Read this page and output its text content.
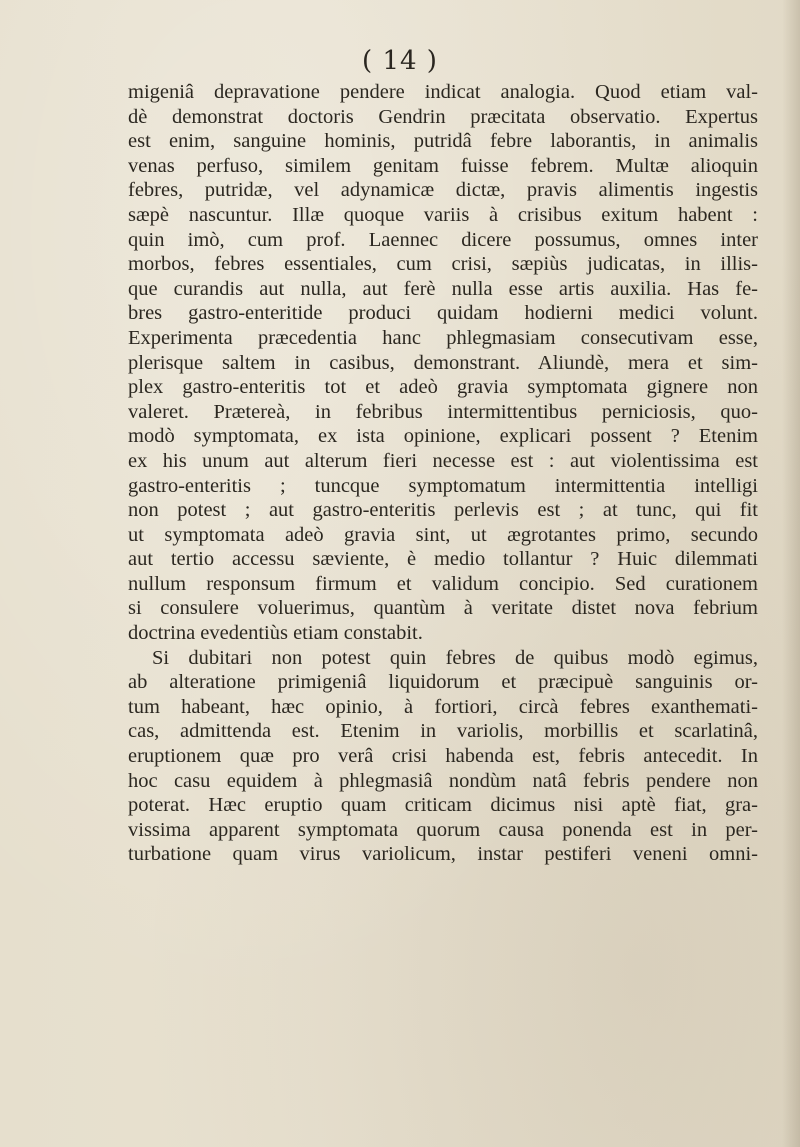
( 14 )
migeniâ depravatione pendere indicat analogia. Quod etiam val-
dè demonstrat doctoris Gendrin præcitata observatio. Expertus
est enim, sanguine hominis, putridâ febre laborantis, in animalis
venas perfuso, similem genitam fuisse febrem. Multæ alioquin
febres, putridæ, vel adynamicæ dictæ, pravis alimentis ingestis
sæpè nascuntur. Illæ quoque variis à crisibus exitum habent :
quin imò, cum prof. Laennec dicere possumus, omnes inter
morbos, febres essentiales, cum crisi, sæpiùs judicatas, in illis-
que curandis aut nulla, aut ferè nulla esse artis auxilia. Has fe-
bres gastro-enteritide produci quidam hodierni medici volunt.
Experimenta præcedentia hanc phlegmasiam consecutivam esse,
plerisque saltem in casibus, demonstrant. Aliundè, mera et sim-
plex gastro-enteritis tot et adeò gravia symptomata gignere non
valeret. Prætereà, in febribus intermittentibus perniciosis, quo-
modò symptomata, ex ista opinione, explicari possent ? Etenim
ex his unum aut alterum fieri necesse est : aut violentissima est
gastro-enteritis ; tuncque symptomatum intermittentia intelligi
non potest ; aut gastro-enteritis perlevis est ; at tunc, qui fit
ut symptomata adeò gravia sint, ut ægrotantes primo, secundo
aut tertio accessu sæviente, è medio tollantur ? Huic dilemmati
nullum responsum firmum et validum concipio. Sed curationem
si consulere voluerimus, quantùm à veritate distet nova febrium
doctrina evedentiùs etiam constabit.
Si dubitari non potest quin febres de quibus modò egimus,
ab alteratione primigeniâ liquidorum et præcipuè sanguinis or-
tum habeant, hæc opinio, à fortiori, circà febres exanthemati-
cas, admittenda est. Etenim in variolis, morbillis et scarlatinâ,
eruptionem quæ pro verâ crisi habenda est, febris antecedit. In
hoc casu equidem à phlegmasiâ nondùm natâ febris pendere non
poterat. Hæc eruptio quam criticam dicimus nisi aptè fiat, gra-
vissima apparent symptomata quorum causa ponenda est in per-
turbatione quam virus variolicum, instar pestiferi veneni omni-
